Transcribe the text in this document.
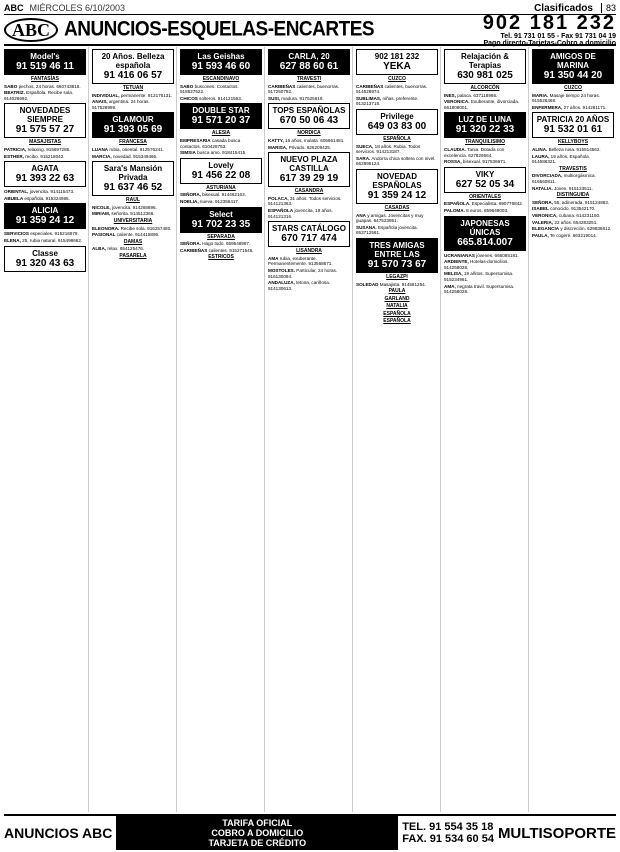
ABC MIÉRCOLES 6/10/2003	Clasificados	83
ABC ANUNCIOS-ESQUELAS-ENCARTES	902 181 232
Tel. 91 731 01 55 - Fax 91 731 04 19
Pago directo-Tarjetas-Cobro a domicilio
Model's
91 519 46 11
FANTASÍAS
SABO pechos, 24 horas. 660743818.
BEATRIZ. Española. Recibe sola. 914026692.
NOVEDADES SIEMPRE
91 575 57 27
MASAJISTAS
PATRICIA, relaxing. 915697285.
ESTHER, recibo. 915218042.
AGATA
91 393 22 63
ORIENTAL, jovencita. 914115473.
ABUELA española. 915324695.
ALICIA
91 359 24 12
SERVICIOS especiales. 915216979.
ELENA, 25, rubia natural. 915498662.
Classe
91 320 43 63
20 Años. Belleza española
91 416 06 57
TETUAN
INDIVIDUAL, permanente. 913176131.
ANAIS, argentina. 24 horas. 917526999.
GLAMOUR
91 393 05 69
FRANCESA
LUANA rubia, oriental. 912576241.
MARCIA, novedad. 915349466.
Sara's Mansión Privada
91 637 46 52
RAUL
NICOLE, jovencita. 914265896.
MIRIAM, señorita. 914512366.
UNIVERSITARIA
ELEONORA. Recibe sola. 916257480.
PASIONAL caliente. 914415895.
DAMAS
ALBA, relax. 654125476.
PASARELA
Las Geishas
91 593 46 60
ESCANDINAVO
SABO buscones. Contactos. 918527522.
CHICOS solteros. 914121563.
DOUBLE STAR
91 571 20 37
ALESIA
EMPRESARIA casada busca contactos. 610428753.
SIMSIA busca amo. 918415415.
Lovely
91 456 22 08
ASTURIANA
SEÑORA, bisexual. 914462163.
NOELIA, nueva. 912356417.
Select
91 702 23 35
SEPARADA
SEÑORA. Hago todo. 659548987.
CARIBEÑAS calientes. 915271545.
ESTRICOS
CARLA, 20
627 88 60 61
TRAVESTI
CARIBEÑAS calientes, buenorras. 917250782.
SUSI, madura. 917525619.
TOPS ESPAÑOLAS
670 50 06 43
NORDICA
KATTY, 16 años, mulata. 605661481.
MARISA, Privado. 626209425.
NUEVO PLAZA CASTILLA
617 39 29 19
CASANDRA
POLACA, 31 años. Todos servicios. 914121363.
ESPAÑOLA jovencita, 19 años. 914121316.
STARS CATÁLOGO
670 717 474
LISANDRA
AMA rubia, exuberante. Permanentemente. 913568671.
MOSTOLES. Particular, 24 horas. 916130094.
ANDALUZA, tetona, cariñosa. 914130613.
902 181 232
YEKA
CUZCO
CARIBEÑAS calientes, buenorras. 914528974.
SUBLIMAS, niñas, preferente. 913213718.
Privilege
649 03 83 00
ESPAÑOLA
SUECA, 18 años. Rubia. Todos servicios. 914213187.
SARA. Andorra chica soltera con nivel. 662895124.
NOVEDAD ESPAÑOLAS
91 359 24 12
CASADAS
ANA y amigas. Jovencitas y muy guapas. 647523851.
SUSANA. Española jovencita. 653712581.
TRES AMIGAS ENTRE LAS
91 570 73 67
LEGAZPI
SOLEDAD Masajista. 914581254.
PAULA
GARLAND
NATALIA
ESPAÑOLA
ESPAÑOLA
Relajación & Terapias
630 981 025
ALCORCÓN
INES, palaca. 637118966.
VERONICA. Exuberante, divorciada. 661808001.
LUZ DE LUNA
91 320 22 33
TRANQUILISIMO
CLAUDIA. Tania. Dotada con excelencia. 627829564.
ROSSA, bisexual. 917536671.
VIKY
627 52 05 34
ORIENTALES
ESPAÑOLA. Especialista. 690776842.
PALOMA. 8 euros. 659649003.
JAPONESAS ÚNICAS
665.814.007
UCRANIANAS jóvenes. 666085181.
ARDIENTE, Hotelas-domicilios. 914258028.
MELISA, 19 añitos. Supersumisa. 915234961.
AMA, negrata travil. Supersumisa. 914258028.
AMIGOS DE MARINA
91 350 44 20
CUZCO
MARIA. Masaje tiempo 24 horas. 915526468.
ENFERMERA, 27 años. 914261171.
PATRICIA 20 AÑOS
91 532 01 61
KELLYBOYS
ALINA. Belleza rusa. 915514562.
LAURA, 19 años. Española. 914586321.
TRAVESTIS
DIVORCIADA, multiorgásmica. 616560811.
NATALIA. Joven. 915123511.
DISTINGUIDA
SEÑORA, 55, adinerada. 915124863.
ISABEL conocido. 913542170.
VERONICA, cubana. 614231150.
VALERIA, 22 años. 654283251.
ELEGANCIA y discreción. 629836812.
PAULA, Te cogeré. 663219014.
ANUNCIOS ABC
TARIFA OFICIAL
COBRO A DOMICILIO
TARJETA DE CRÉDITO
TEL. 91 554 35 18
FAX. 91 534 60 54 MULTISOPORTE
